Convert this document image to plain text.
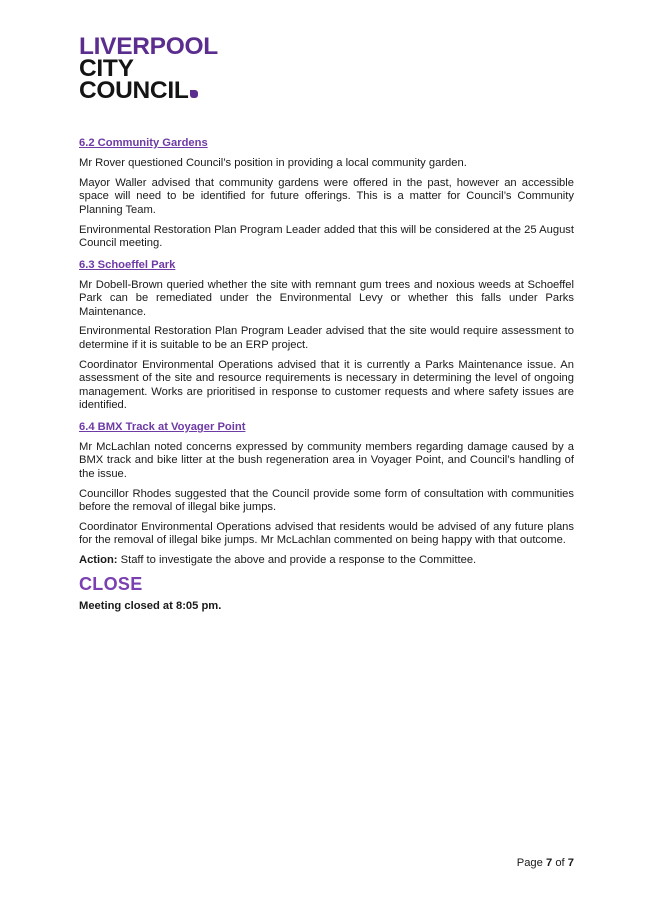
LIVERPOOL
CITY
COUNCIL
6.2 Community Gardens

Mr Rover questioned Council’s position in providing a local community garden.

Mayor Waller advised that community gardens were offered in the past, however an accessible space will need to be identified for future offerings. This is a matter for Council’s Community Planning Team.

Environmental Restoration Plan Program Leader added that this will be considered at the 25 August Council meeting.

6.3 Schoeffel Park

Mr Dobell-Brown queried whether the site with remnant gum trees and noxious weeds at Schoeffel Park can be remediated under the Environmental Levy or whether this falls under Parks Maintenance.

Environmental Restoration Plan Program Leader advised that the site would require assessment to determine if it is suitable to be an ERP project.

Coordinator Environmental Operations advised that it is currently a Parks Maintenance issue. An assessment of the site and resource requirements is necessary in determining the level of ongoing management. Works are prioritised in response to customer requests and where safety issues are identified.

6.4 BMX Track at Voyager Point

Mr McLachlan noted concerns expressed by community members regarding damage caused by a BMX track and bike litter at the bush regeneration area in Voyager Point, and Council’s handling of the issue.

Councillor Rhodes suggested that the Council provide some form of consultation with communities before the removal of illegal bike jumps.

Coordinator Environmental Operations advised that residents would be advised of any future plans for the removal of illegal bike jumps. Mr McLachlan commented on being happy with that outcome.

Action: Staff to investigate the above and provide a response to the Committee.

CLOSE

Meeting closed at 8:05 pm.

Page 7 of 7
